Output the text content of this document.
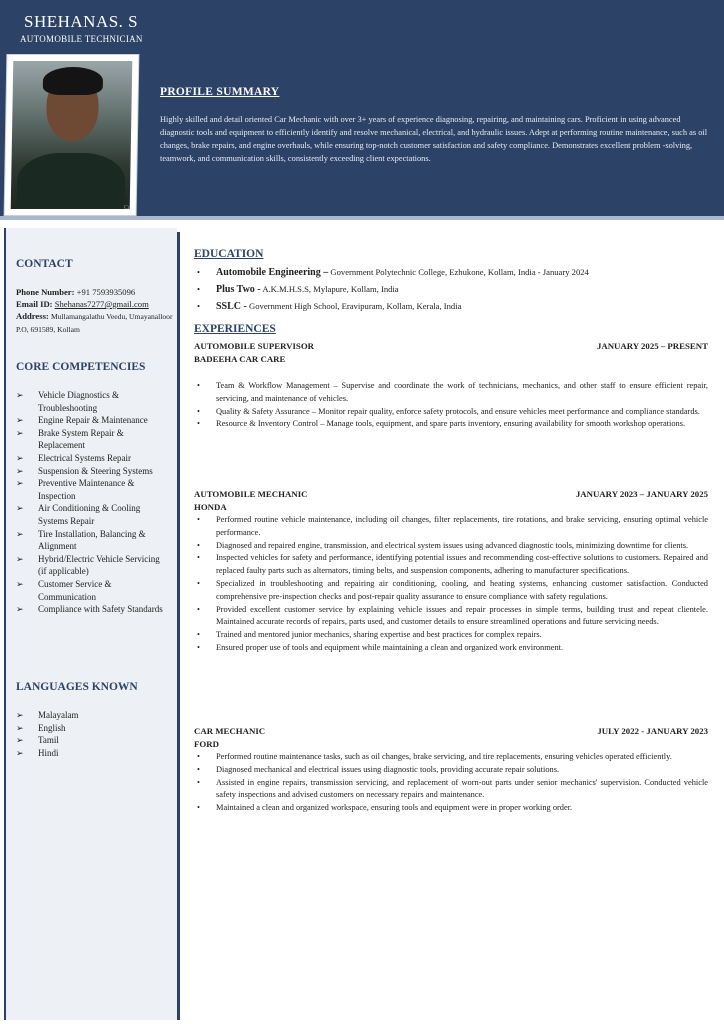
SHEHANAS. S
AUTOMOBILE TECHNICIAN
Cr
PROFILE SUMMARY
Highly skilled and detail oriented Car Mechanic with over 3+ years of experience diagnosing, repairing, and maintaining cars. Proficient in using advanced diagnostic tools and equipment to efficiently identify and resolve mechanical, electrical, and hydraulic issues. Adept at performing routine maintenance, such as oil changes, brake repairs, and engine overhauls, while ensuring top-notch customer satisfaction and safety compliance. Demonstrates excellent problem -solving, teamwork, and communication skills, consistently exceeding client expectations.
CONTACT
Phone Number: +91 7593935096
Email ID: Shehanas7277@gmail.com
Address: Mullamangalathu Veedu, Umayanalloor P.O, 691589, Kollam
CORE COMPETENCIES
➢ Vehicle Diagnostics & Troubleshooting
➢ Engine Repair & Maintenance
➢ Brake System Repair & Replacement
➢ Electrical Systems Repair
➢ Suspension & Steering Systems
➢ Preventive Maintenance & Inspection
➢ Air Conditioning & Cooling Systems Repair
➢ Tire Installation, Balancing & Alignment
➢ Hybrid/Electric Vehicle Servicing (if applicable)
➢ Customer Service & Communication
➢ Compliance with Safety Standards
LANGUAGES KNOWN
➢ Malayalam
➢ English
➢ Tamil
➢ Hindi
EDUCATION
• Automobile Engineering – Government Polytechnic College, Ezhukone, Kollam, India - January 2024
• Plus Two - A.K.M.H.S.S, Mylapure, Kollam, India
• SSLC - Government High School, Eravipuram, Kollam, Kerala, India
EXPERIENCES
AUTOMOBILE SUPERVISOR	JANUARY 2025 – PRESENT
BADEEHA CAR CARE
• Team & Workflow Management – Supervise and coordinate the work of technicians, mechanics, and other staff to ensure efficient repair, servicing, and maintenance of vehicles.
• Quality & Safety Assurance – Monitor repair quality, enforce safety protocols, and ensure vehicles meet performance and compliance standards.
• Resource & Inventory Control – Manage tools, equipment, and spare parts inventory, ensuring availability for smooth workshop operations.
AUTOMOBILE MECHANIC	JANUARY 2023 – JANUARY 2025
HONDA
• Performed routine vehicle maintenance, including oil changes, filter replacements, tire rotations, and brake servicing, ensuring optimal vehicle performance.
• Diagnosed and repaired engine, transmission, and electrical system issues using advanced diagnostic tools, minimizing downtime for clients.
• Inspected vehicles for safety and performance, identifying potential issues and recommending cost-effective solutions to customers. Repaired and replaced faulty parts such as alternators, timing belts, and suspension components, adhering to manufacturer specifications.
• Specialized in troubleshooting and repairing air conditioning, cooling, and heating systems, enhancing customer satisfaction. Conducted comprehensive pre-inspection checks and post-repair quality assurance to ensure compliance with safety regulations.
• Provided excellent customer service by explaining vehicle issues and repair processes in simple terms, building trust and repeat clientele. Maintained accurate records of repairs, parts used, and customer details to ensure streamlined operations and future servicing needs.
• Trained and mentored junior mechanics, sharing expertise and best practices for complex repairs.
• Ensured proper use of tools and equipment while maintaining a clean and organized work environment.
CAR MECHANIC	JULY 2022 - JANUARY 2023
FORD
• Performed routine maintenance tasks, such as oil changes, brake servicing, and tire replacements, ensuring vehicles operated efficiently.
• Diagnosed mechanical and electrical issues using diagnostic tools, providing accurate repair solutions.
• Assisted in engine repairs, transmission servicing, and replacement of worn-out parts under senior mechanics' supervision. Conducted vehicle safety inspections and advised customers on necessary repairs and maintenance.
• Maintained a clean and organized workspace, ensuring tools and equipment were in proper working order.
